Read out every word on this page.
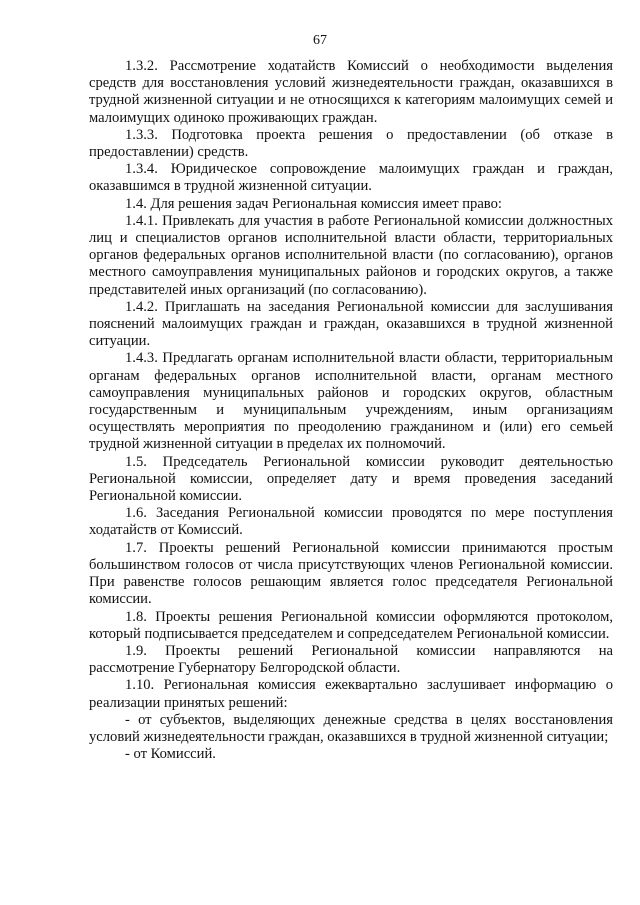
67

1.3.2. Рассмотрение ходатайств Комиссий о необходимости выделения средств для восстановления условий жизнедеятельности граждан, оказавшихся в трудной жизненной ситуации и не относящихся к категориям малоимущих семей и малоимущих одиноко проживающих граждан.

1.3.3. Подготовка проекта решения о предоставлении (об отказе в предоставлении) средств.

1.3.4. Юридическое сопровождение малоимущих граждан и граждан, оказавшимся в трудной жизненной ситуации.

1.4. Для решения задач Региональная комиссия имеет право:

1.4.1. Привлекать для участия в работе Региональной комиссии должностных лиц и специалистов органов исполнительной власти области, территориальных органов федеральных органов исполнительной власти (по согласованию), органов местного самоуправления муниципальных районов и городских округов, а также представителей иных организаций (по согласованию).

1.4.2. Приглашать на заседания Региональной комиссии для заслушивания пояснений малоимущих граждан и граждан, оказавшихся в трудной жизненной ситуации.

1.4.3. Предлагать органам исполнительной власти области, территориальным органам федеральных органов исполнительной власти, органам местного самоуправления муниципальных районов и городских округов, областным государственным и муниципальным учреждениям, иным организациям осуществлять мероприятия по преодолению гражданином и (или) его семьей трудной жизненной ситуации в пределах их полномочий.

1.5. Председатель Региональной комиссии руководит деятельностью Региональной комиссии, определяет дату и время проведения заседаний Региональной комиссии.

1.6. Заседания Региональной комиссии проводятся по мере поступления ходатайств от Комиссий.

1.7. Проекты решений Региональной комиссии принимаются простым большинством голосов от числа присутствующих членов Региональной комиссии. При равенстве голосов решающим является голос председателя Региональной комиссии.

1.8. Проекты решения Региональной комиссии оформляются протоколом, который подписывается председателем и сопредседателем Региональной комиссии.

1.9. Проекты решений Региональной комиссии направляются на рассмотрение Губернатору Белгородской области.

1.10. Региональная комиссия ежеквартально заслушивает информацию о реализации принятых решений:

- от субъектов, выделяющих денежные средства в целях восстановления условий жизнедеятельности граждан, оказавшихся в трудной жизненной ситуации;

- от Комиссий.
